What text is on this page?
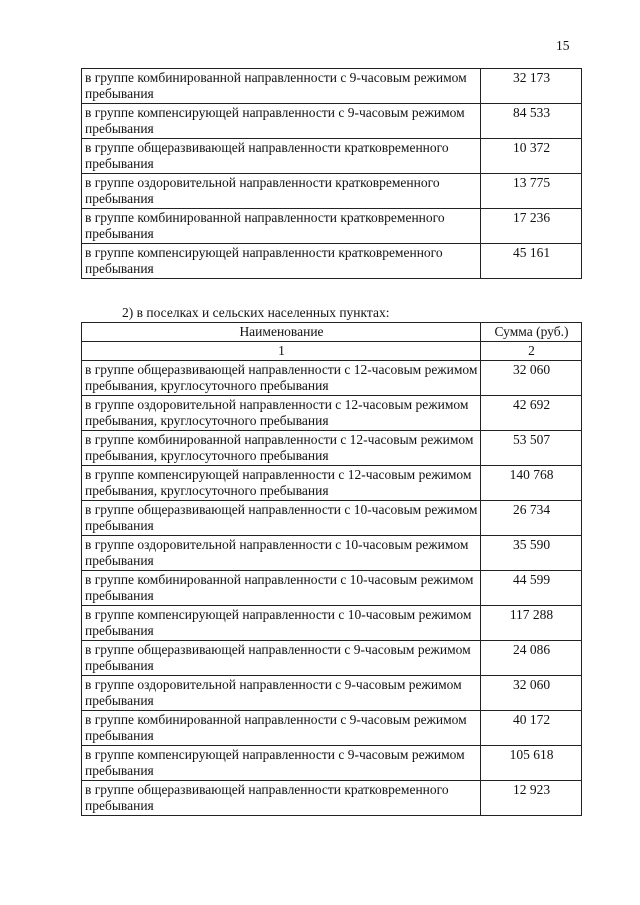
15
в группе комбинированной направленности с 9-часовым режимом пребывания	32 173
в группе компенсирующей направленности с 9-часовым режимом пребывания	84 533
в группе общеразвивающей направленности кратковременного пребывания	10 372
в группе оздоровительной направленности кратковременного пребывания	13 775
в группе комбинированной направленности кратковременного пребывания	17 236
в группе компенсирующей направленности кратковременного пребывания	45 161
2) в поселках и сельских населенных пунктах:
Наименование	Сумма (руб.)
1	2
в группе общеразвивающей направленности с 12-часовым режимом пребывания, круглосуточного пребывания	32 060
в группе оздоровительной направленности с 12-часовым режимом пребывания, круглосуточного пребывания	42 692
в группе комбинированной направленности с 12-часовым режимом пребывания, круглосуточного пребывания	53 507
в группе компенсирующей направленности с 12-часовым режимом пребывания, круглосуточного пребывания	140 768
в группе общеразвивающей направленности с 10-часовым режимом пребывания	26 734
в группе оздоровительной направленности с 10-часовым режимом пребывания	35 590
в группе комбинированной направленности с 10-часовым режимом пребывания	44 599
в группе компенсирующей направленности с 10-часовым режимом пребывания	117 288
в группе общеразвивающей направленности с 9-часовым режимом пребывания	24 086
в группе оздоровительной направленности с 9-часовым режимом пребывания	32 060
в группе комбинированной направленности с 9-часовым режимом пребывания	40 172
в группе компенсирующей направленности с 9-часовым режимом пребывания	105 618
в группе общеразвивающей направленности кратковременного пребывания	12 923
